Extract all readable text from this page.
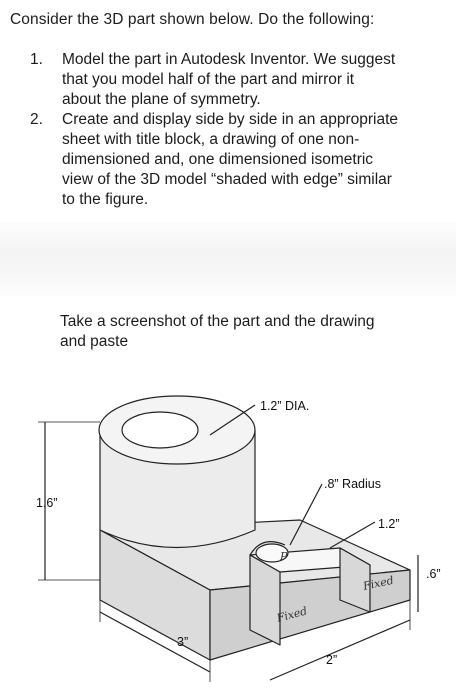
Consider the 3D part shown below. Do the following:
1. Model the part in Autodesk Inventor. We suggest
that you model half of the part and mirror it
about the plane of symmetry.
2. Create and display side by side in an appropriate
sheet with title block, a drawing of one non-
dimensioned and, one dimensioned isometric
view of the 3D model “shaded with edge” similar
to the figure.
Take a screenshot of the part and the drawing
and paste
1.2” DIA.
.8” Radius
1.6”
1.2”
3”
2”
.6”
Fixed
Fixed
P
